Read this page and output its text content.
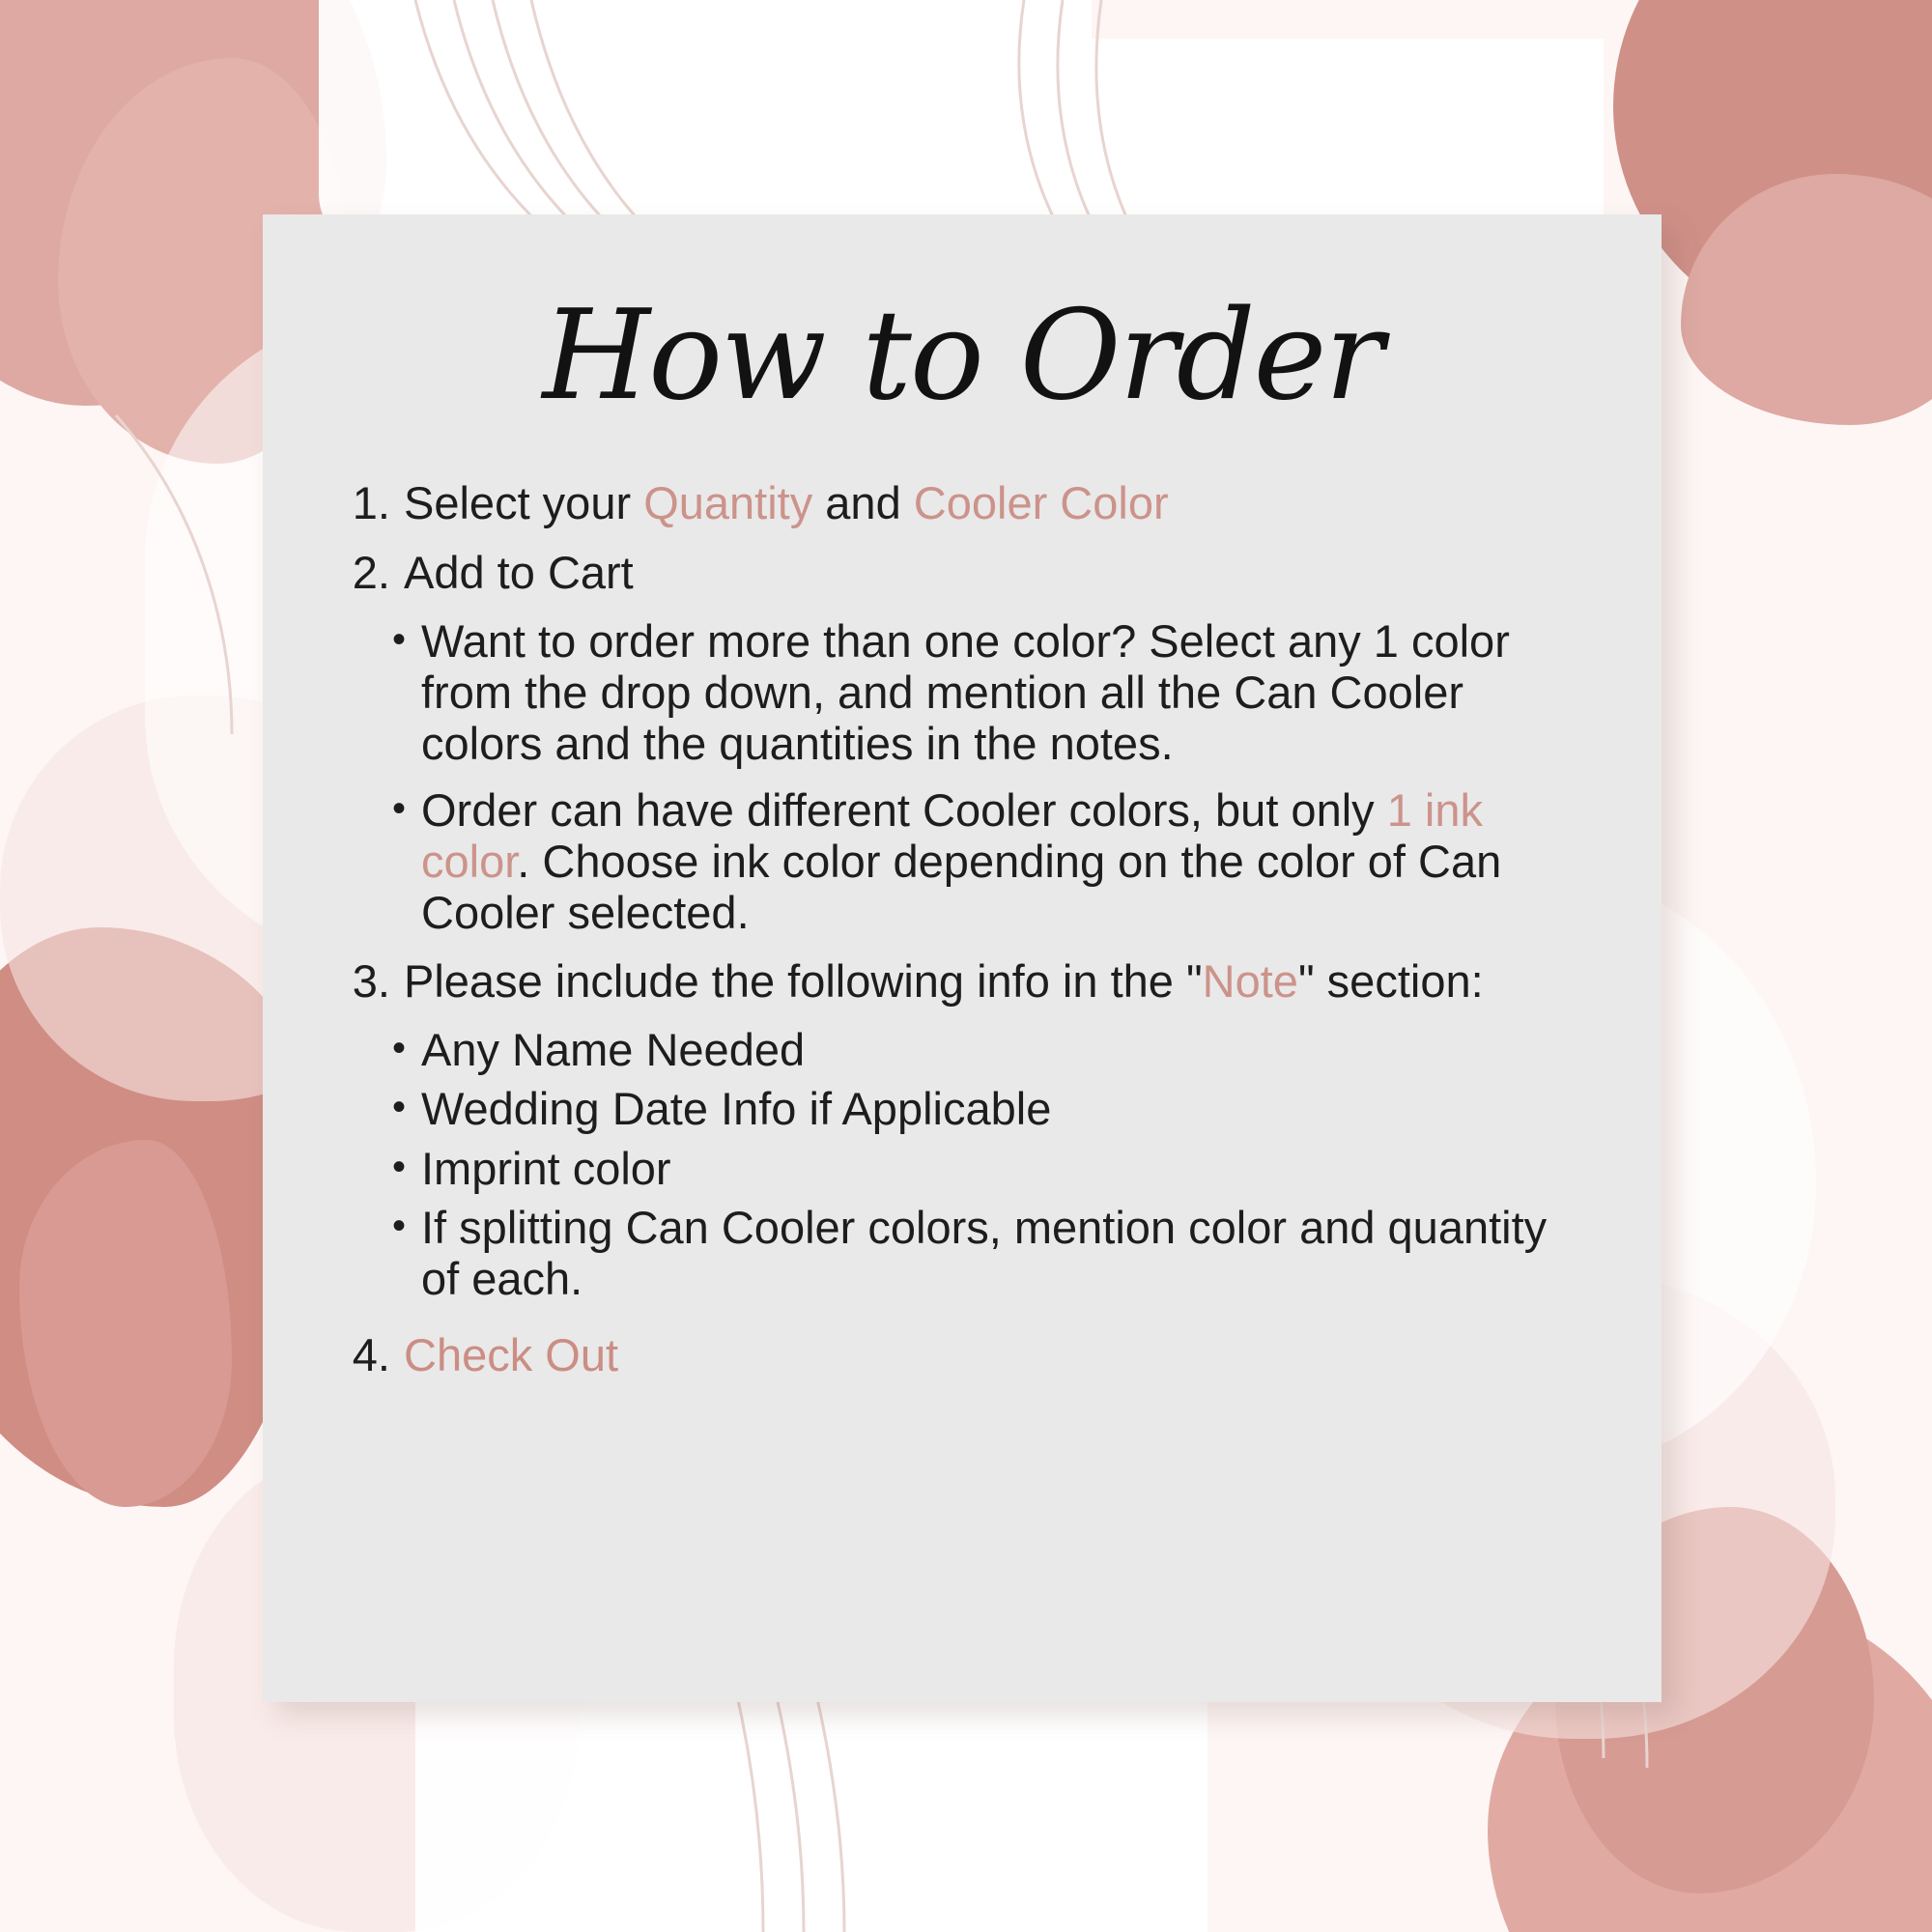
How to Order
1. Select your Quantity and Cooler Color
2. Add to Cart
• Want to order more than one color? Select any 1 color from the drop down, and mention all the Can Cooler colors and the quantities in the notes.
• Order can have different Cooler colors, but only 1 ink color. Choose ink color depending on the color of Can Cooler selected.
3. Please include the following info in the "Note" section:
• Any Name Needed
• Wedding Date Info if Applicable
• Imprint color
• If splitting Can Cooler colors, mention color and quantity of each.
4. Check Out
